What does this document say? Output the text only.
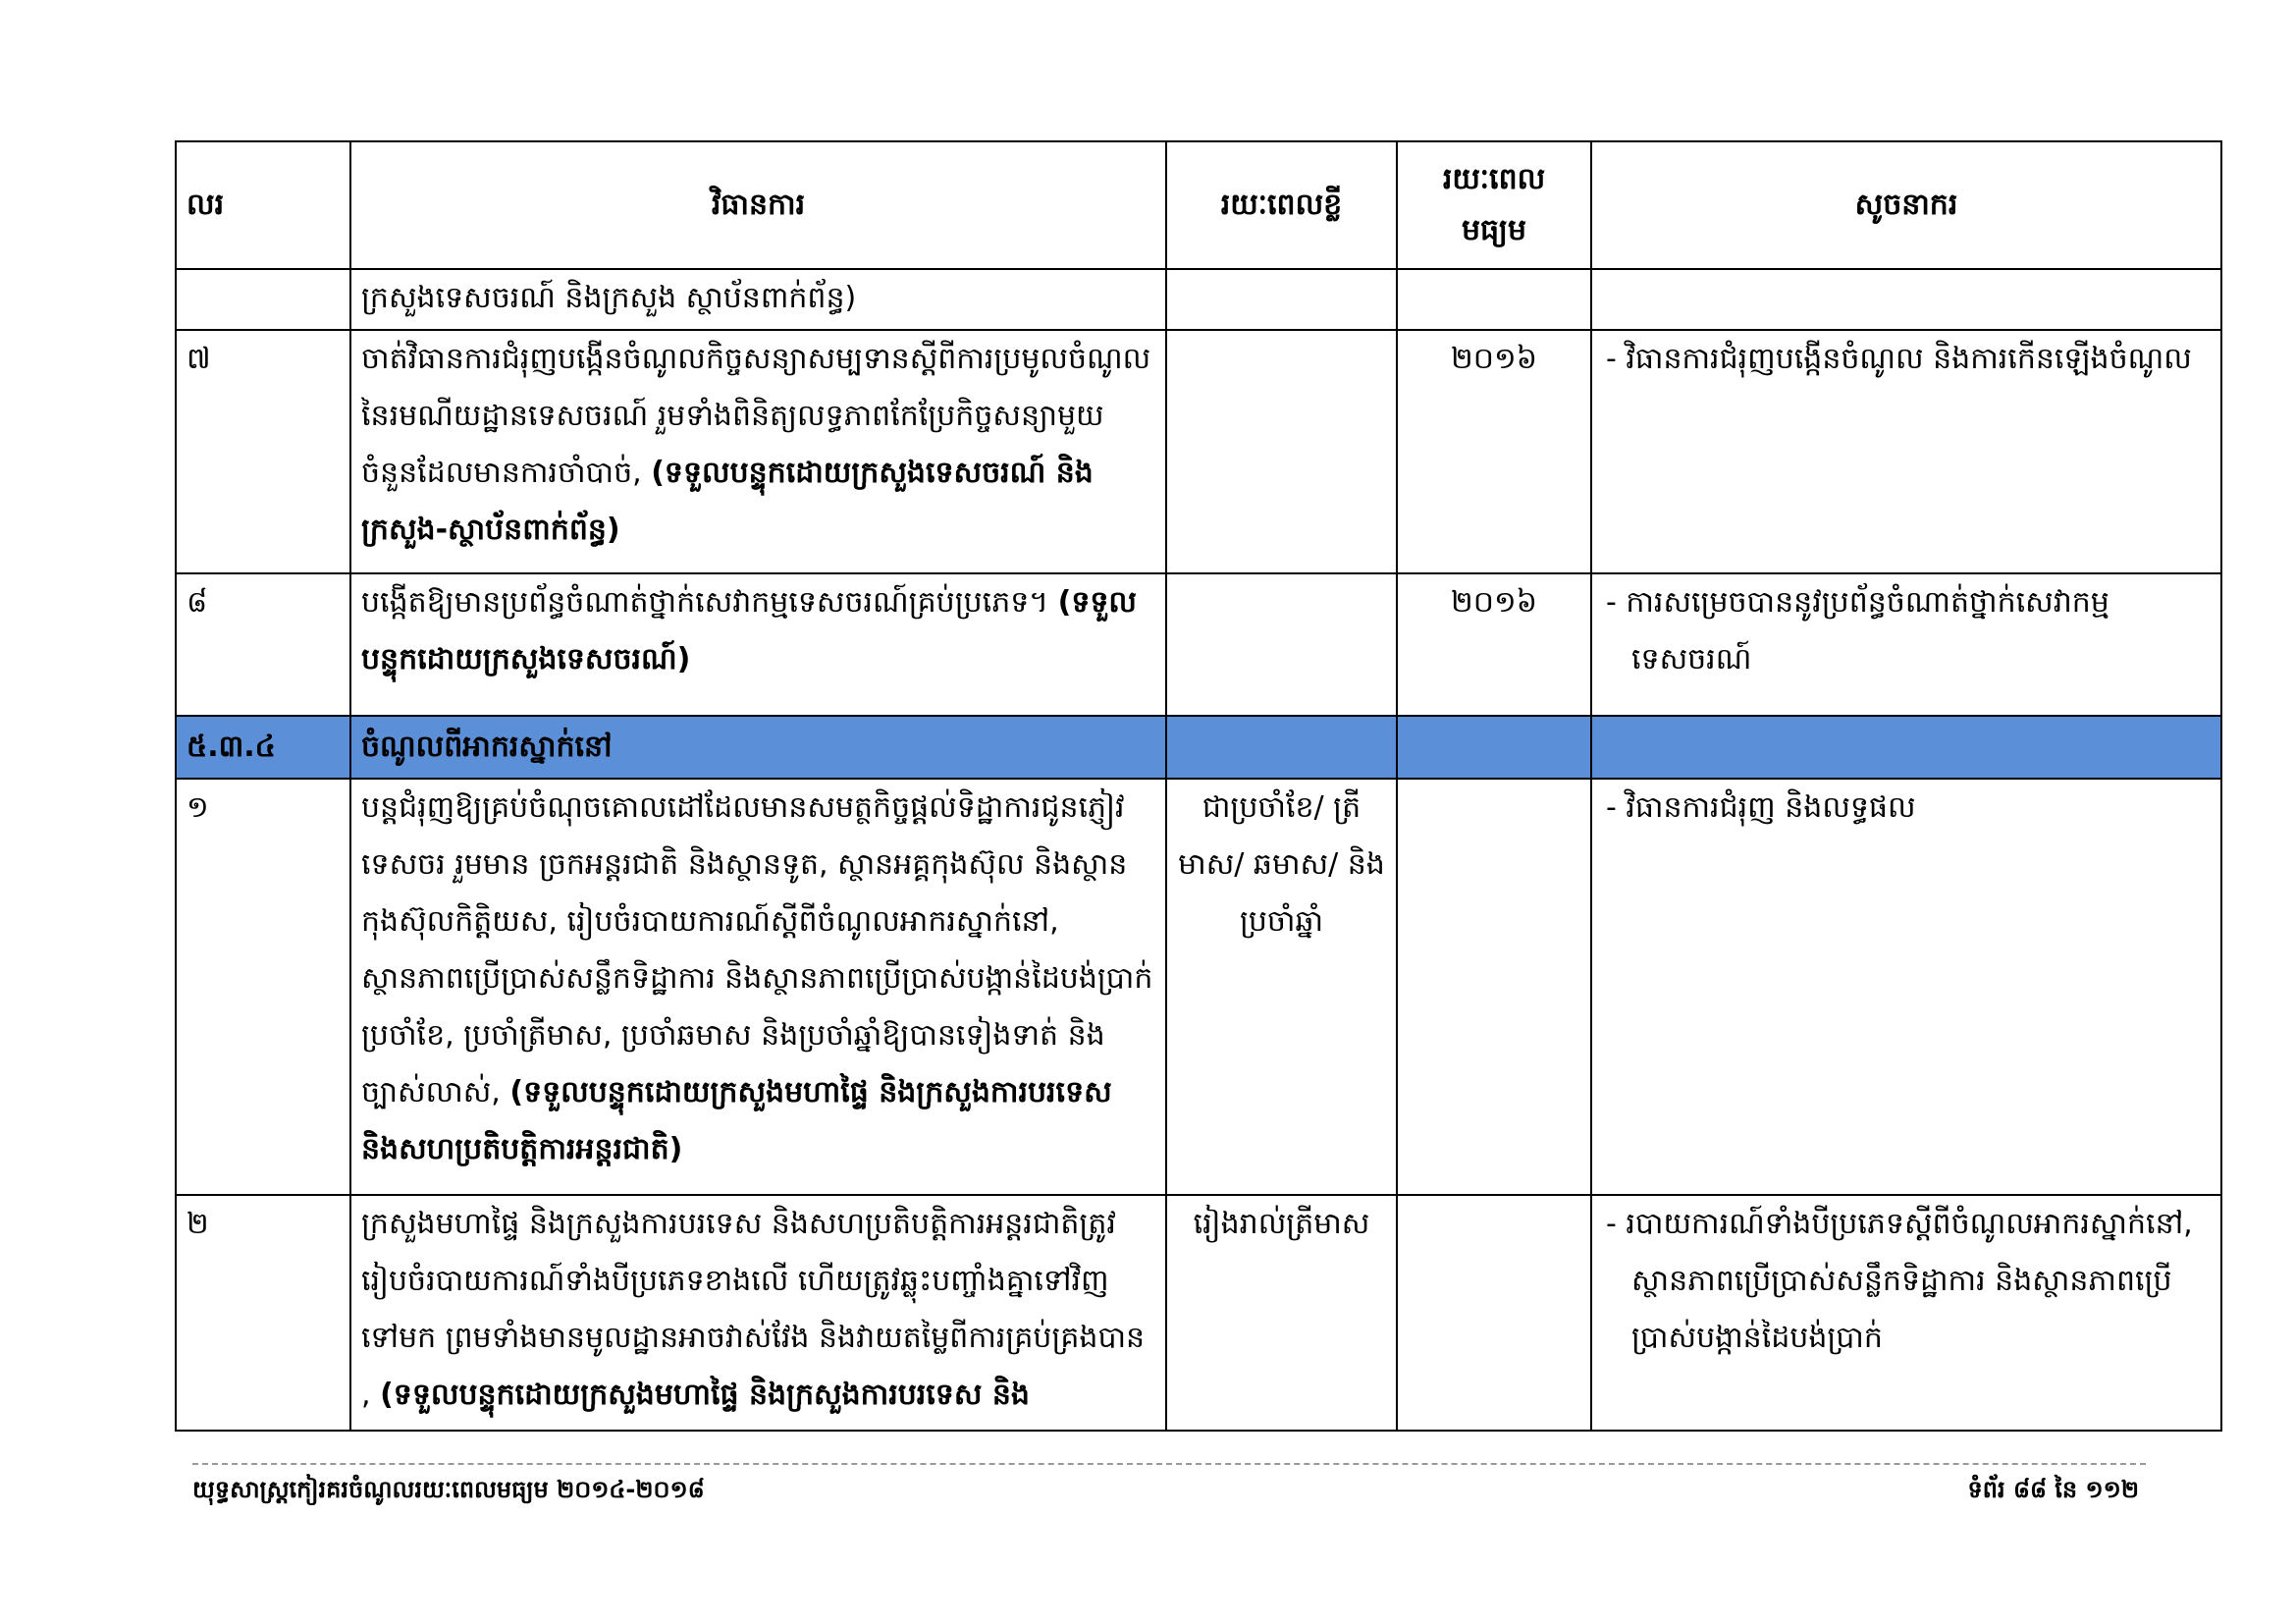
លរ	វិធានការ	រយៈពេលខ្លី	រយៈពេល មធ្យម	សូចនាករ
	ក្រសួងទេសចរណ៍ និងក្រសួង ស្ថាប័នពាក់ព័ន្ធ)			
៧	ចាត់វិធានការជំរុញបង្កើនចំណូលកិច្ចសន្យាសម្បទានស្តីពីការប្រមូលចំណូលនៃរមណីយដ្ឋានទេសចរណ៍ រួមទាំងពិនិត្យលទ្ធភាពកែប្រែកិច្ចសន្យាមួយចំនួនដែលមានការចាំបាច់, (ទទួលបន្ទុកដោយក្រសួងទេសចរណ៍ និងក្រសួង-ស្ថាប័នពាក់ព័ន្ធ)		២០១៦	- វិធានការជំរុញបង្កើនចំណូល និងការកើនឡើងចំណូល

៨	បង្កើតឱ្យមានប្រព័ន្ធចំណាត់ថ្នាក់សេវាកម្មទេសចរណ៍គ្រប់ប្រភេទ។ (ទទួលបន្ទុកដោយក្រសួងទេសចរណ៍)		២០១៦	- ការសម្រេចបាននូវប្រព័ន្ធចំណាត់ថ្នាក់សេវាកម្មទេសចរណ៍

៥.៣.៤	ចំណូលពីអាករស្នាក់នៅ			
១	បន្តជំរុញឱ្យគ្រប់ចំណុចគោលដៅដែលមានសមត្ថកិច្ចផ្តល់ទិដ្ឋាការជូនភ្ញៀវទេសចរ រួមមាន ច្រកអន្តរជាតិ និងស្ថានទូត, ស្ថានអគ្គកុងស៊ុល និងស្ថានកុងស៊ុលកិត្តិយស, រៀបចំរបាយការណ៍ស្តីពីចំណូលអាករស្នាក់នៅ, ស្ថានភាពប្រើប្រាស់សន្លឹកទិដ្ឋាការ និងស្ថានភាពប្រើប្រាស់បង្កាន់ដៃបង់ប្រាក់ប្រចាំខែ, ប្រចាំត្រីមាស, ប្រចាំឆមាស និងប្រចាំឆ្នាំឱ្យបានទៀងទាត់ និងច្បាស់លាស់, (ទទួលបន្ទុកដោយក្រសួងមហាផ្ទៃ និងក្រសួងការបរទេស និងសហប្រតិបត្តិការអន្តរជាតិ)	ជាប្រចាំខែ/ ត្រីមាស/ ឆមាស/ និងប្រចាំឆ្នាំ		- វិធានការជំរុញ និងលទ្ធផល

២	ក្រសួងមហាផ្ទៃ និងក្រសួងការបរទេស និងសហប្រតិបត្តិការអន្តរជាតិត្រូវរៀបចំរបាយការណ៍ទាំងបីប្រភេទខាងលើ ហើយត្រូវឆ្លុះបញ្ចាំងគ្នាទៅវិញទៅមក ព្រមទាំងមានមូលដ្ឋានអាចវាស់វែង និងវាយតម្លៃពីការគ្រប់គ្រងបាន , (ទទួលបន្ទុកដោយក្រសួងមហាផ្ទៃ និងក្រសួងការបរទេស និង	រៀងរាល់ត្រីមាស		- របាយការណ៍ទាំងបីប្រភេទស្តីពីចំណូលអាករស្នាក់នៅ, ស្ថានភាពប្រើប្រាស់សន្លឹកទិដ្ឋាការ និងស្ថានភាពប្រើប្រាស់បង្កាន់ដៃបង់ប្រាក់
យុទ្ធសាស្ត្រកៀរគរចំណូលរយៈពេលមធ្យម ២០១៤-២០១៨	ទំព័រ ៨៨ នៃ ១១២
